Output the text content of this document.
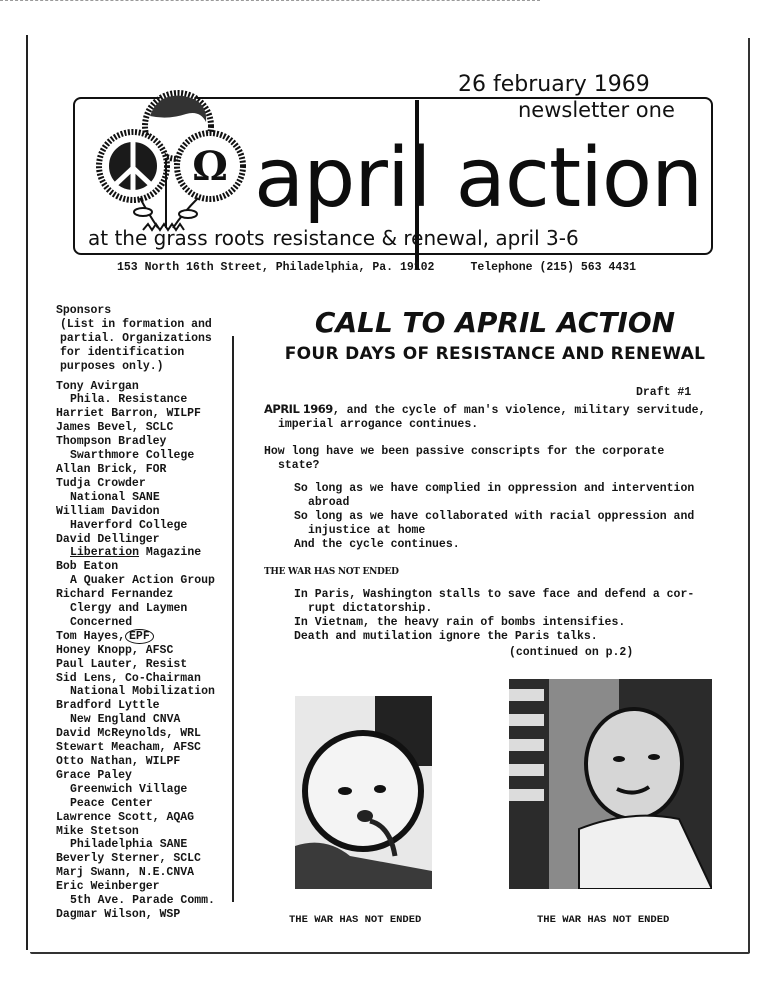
26 february 1969
newsletter one
april action
Ω
at the grass roots resistance & renewal, april 3-6
153 North 16th Street, Philadelphia, Pa. 19102	Telephone (215) 563 4431
Sponsors
(List in formation and
partial. Organizations
for identification
purposes only.)
Tony Avirgan
Phila. Resistance
Harriet Barron, WILPF
James Bevel, SCLC
Thompson Bradley
Swarthmore College
Allan Brick, FOR
Tudja Crowder
National SANE
William Davidon
Haverford College
David Dellinger
Liberation Magazine
Bob Eaton
A Quaker Action Group
Richard Fernandez
Clergy and Laymen
Concerned
Tom Hayes, EPF
Honey Knopp, AFSC
Paul Lauter, Resist
Sid Lens, Co-Chairman
National Mobilization
Bradford Lyttle
New England CNVA
David McReynolds, WRL
Stewart Meacham, AFSC
Otto Nathan, WILPF
Grace Paley
Greenwich Village
Peace Center
Lawrence Scott, AQAG
Mike Stetson
Philadelphia SANE
Beverly Sterner, SCLC
Marj Swann, N.E.CNVA
Eric Weinberger
5th Ave. Parade Comm.
Dagmar Wilson, WSP
CALL TO APRIL ACTION
FOUR DAYS OF RESISTANCE AND RENEWAL
Draft #1

APRIL 1969, and the cycle of man's violence, military servitude,

imperial arrogance continues.

How long have we been passive conscripts for the corporate

state?

So long as we have complied in oppression and intervention

abroad

So long as we have collaborated with racial oppression and

injustice at home

And the cycle continues.

THE WAR HAS NOT ENDED

In Paris, Washington stalls to save face and defend a cor-

rupt dictatorship.

In Vietnam, the heavy rain of bombs intensifies.

Death and mutilation ignore the Paris talks.

(continued on p.2)
THE WAR HAS NOT ENDED	THE WAR HAS NOT ENDED
